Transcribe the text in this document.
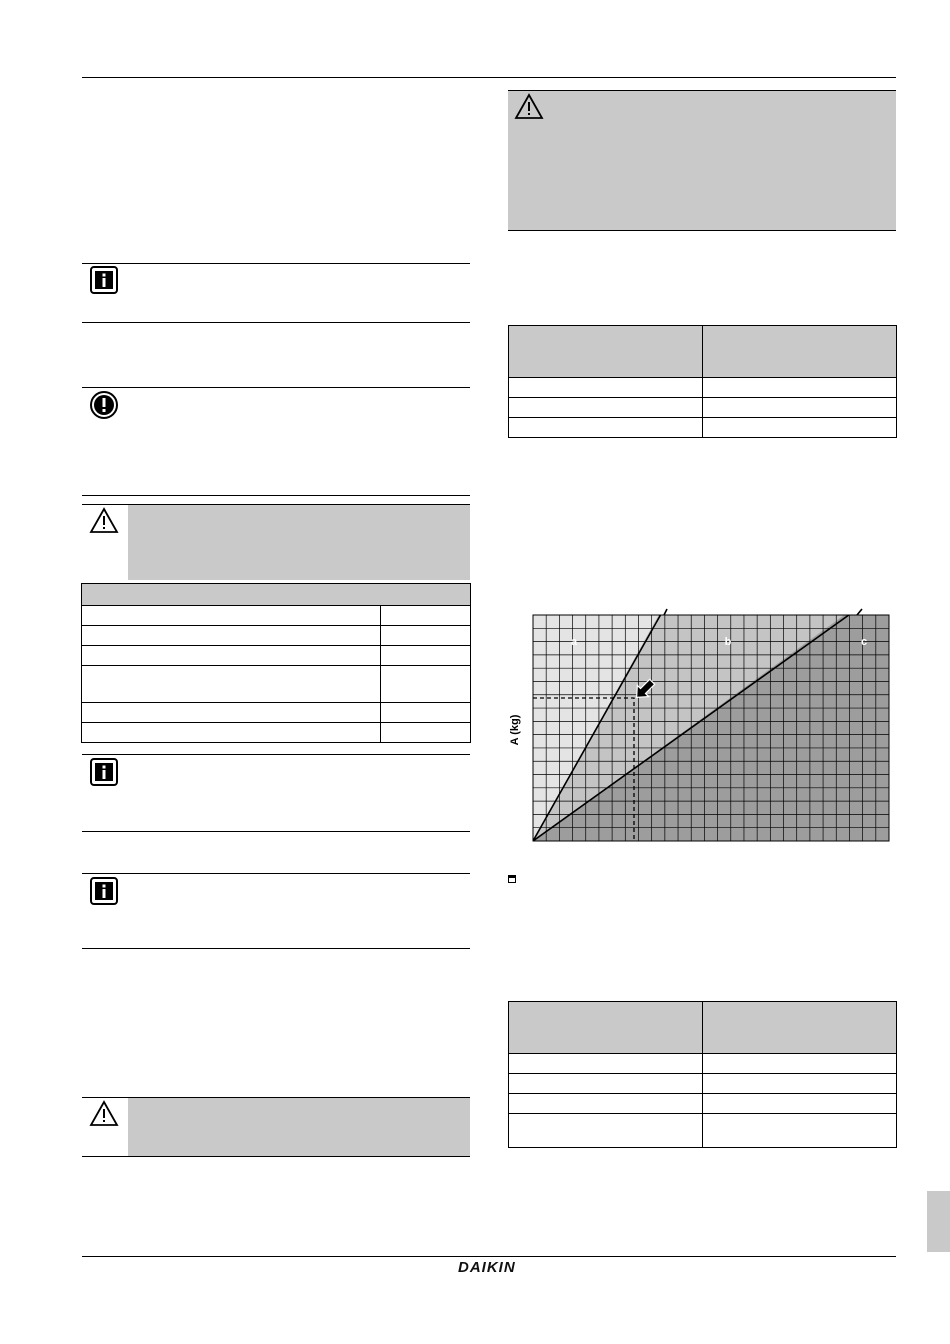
a	b	c
A (kg)

DAIKIN
